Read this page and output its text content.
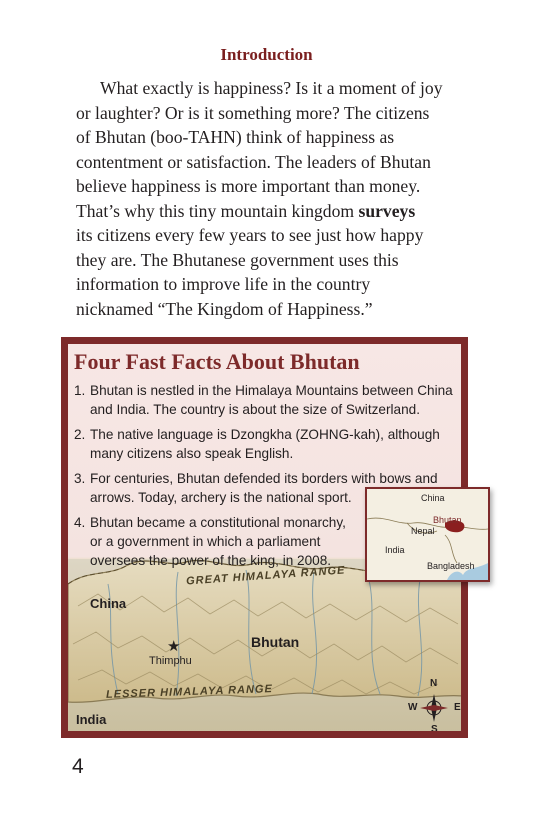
Introduction

What exactly is happiness? Is it a moment of joy
or laughter? Or is it something more? The citizens
of Bhutan (boo-TAHN) think of happiness as
contentment or satisfaction. The leaders of Bhutan
believe happiness is more important than money.
That’s why this tiny mountain kingdom surveys
its citizens every few years to see just how happy
they are. The Bhutanese government uses this
information to improve life in the country
nicknamed “The Kingdom of Happiness.”

Four Fast Facts About Bhutan
1. Bhutan is nestled in the Himalaya Mountains between China and India. The country is about the size of Switzerland.
2. The native language is Dzongkha (ZOHNG-kah), although many citizens also speak English.
3. For centuries, Bhutan defended its borders with bows and arrows. Today, archery is the national sport.
4. Bhutan became a constitutional monarchy, or a government in which a parliament oversees the power of the king, in 2008.
GREAT HIMALAYA RANGE
China
Bhutan
★
Thimphu
LESSER HIMALAYA RANGE
India
N
S
W	E
China
Bhutan
Nepal
India
Bangladesh
4
